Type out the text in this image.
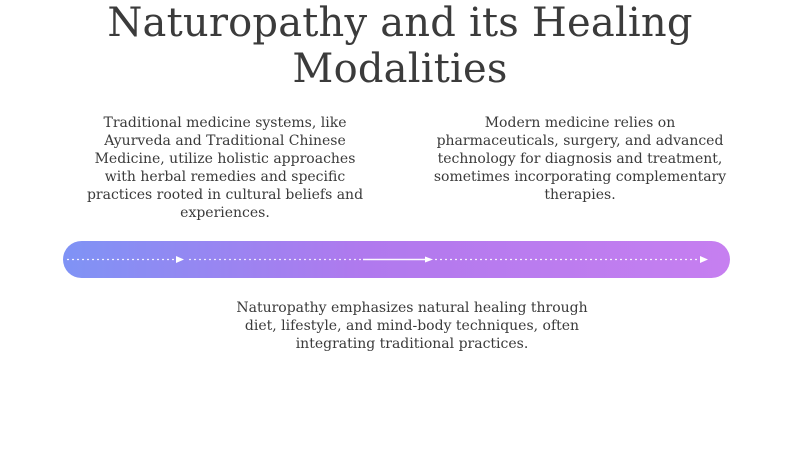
Naturopathy and its Healing Modalities
Traditional medicine systems, like Ayurveda and Traditional Chinese Medicine, utilize holistic approaches with herbal remedies and specific practices rooted in cultural beliefs and experiences.
Modern medicine relies on pharmaceuticals, surgery, and advanced technology for diagnosis and treatment, sometimes incorporating complementary therapies.
Naturopathy emphasizes natural healing through diet, lifestyle, and mind-body techniques, often integrating traditional practices.
